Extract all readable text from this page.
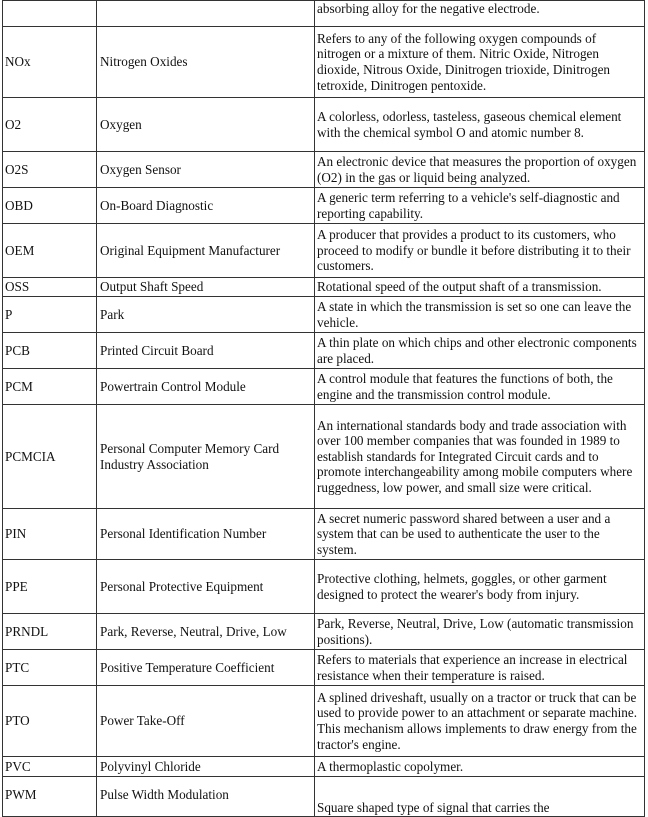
		absorbing alloy for the negative electrode.
NOx	Nitrogen Oxides	Refers to any of the following oxygen compounds of nitrogen or a mixture of them. Nitric Oxide, Nitrogen dioxide, Nitrous Oxide, Dinitrogen trioxide, Dinitrogen tetroxide, Dinitrogen pentoxide.
O2	Oxygen	A colorless, odorless, tasteless, gaseous chemical element with the chemical symbol O and atomic number 8.
O2S	Oxygen Sensor	An electronic device that measures the proportion of oxygen (O2) in the gas or liquid being analyzed.
OBD	On-Board Diagnostic	A generic term referring to a vehicle's self-diagnostic and reporting capability.
OEM	Original Equipment Manufacturer	A producer that provides a product to its customers, who proceed to modify or bundle it before distributing it to their customers.
OSS	Output Shaft Speed	Rotational speed of the output shaft of a transmission.
P	Park	A state in which the transmission is set so one can leave the vehicle.
PCB	Printed Circuit Board	A thin plate on which chips and other electronic components are placed.
PCM	Powertrain Control Module	A control module that features the functions of both, the engine and the transmission control module.
PCMCIA	Personal Computer Memory Card Industry Association	An international standards body and trade association with over 100 member companies that was founded in 1989 to establish standards for Integrated Circuit cards and to promote interchangeability among mobile computers where ruggedness, low power, and small size were critical.
PIN	Personal Identification Number	A secret numeric password shared between a user and a system that can be used to authenticate the user to the system.
PPE	Personal Protective Equipment	Protective clothing, helmets, goggles, or other garment designed to protect the wearer's body from injury.
PRNDL	Park, Reverse, Neutral, Drive, Low	Park, Reverse, Neutral, Drive, Low (automatic transmission positions).
PTC	Positive Temperature Coefficient	Refers to materials that experience an increase in electrical resistance when their temperature is raised.
PTO	Power Take-Off	A splined driveshaft, usually on a tractor or truck that can be used to provide power to an attachment or separate machine. This mechanism allows implements to draw energy from the tractor's engine.
PVC	Polyvinyl Chloride	A thermoplastic copolymer.
PWM	Pulse Width Modulation	Square shaped type of signal that carries the
